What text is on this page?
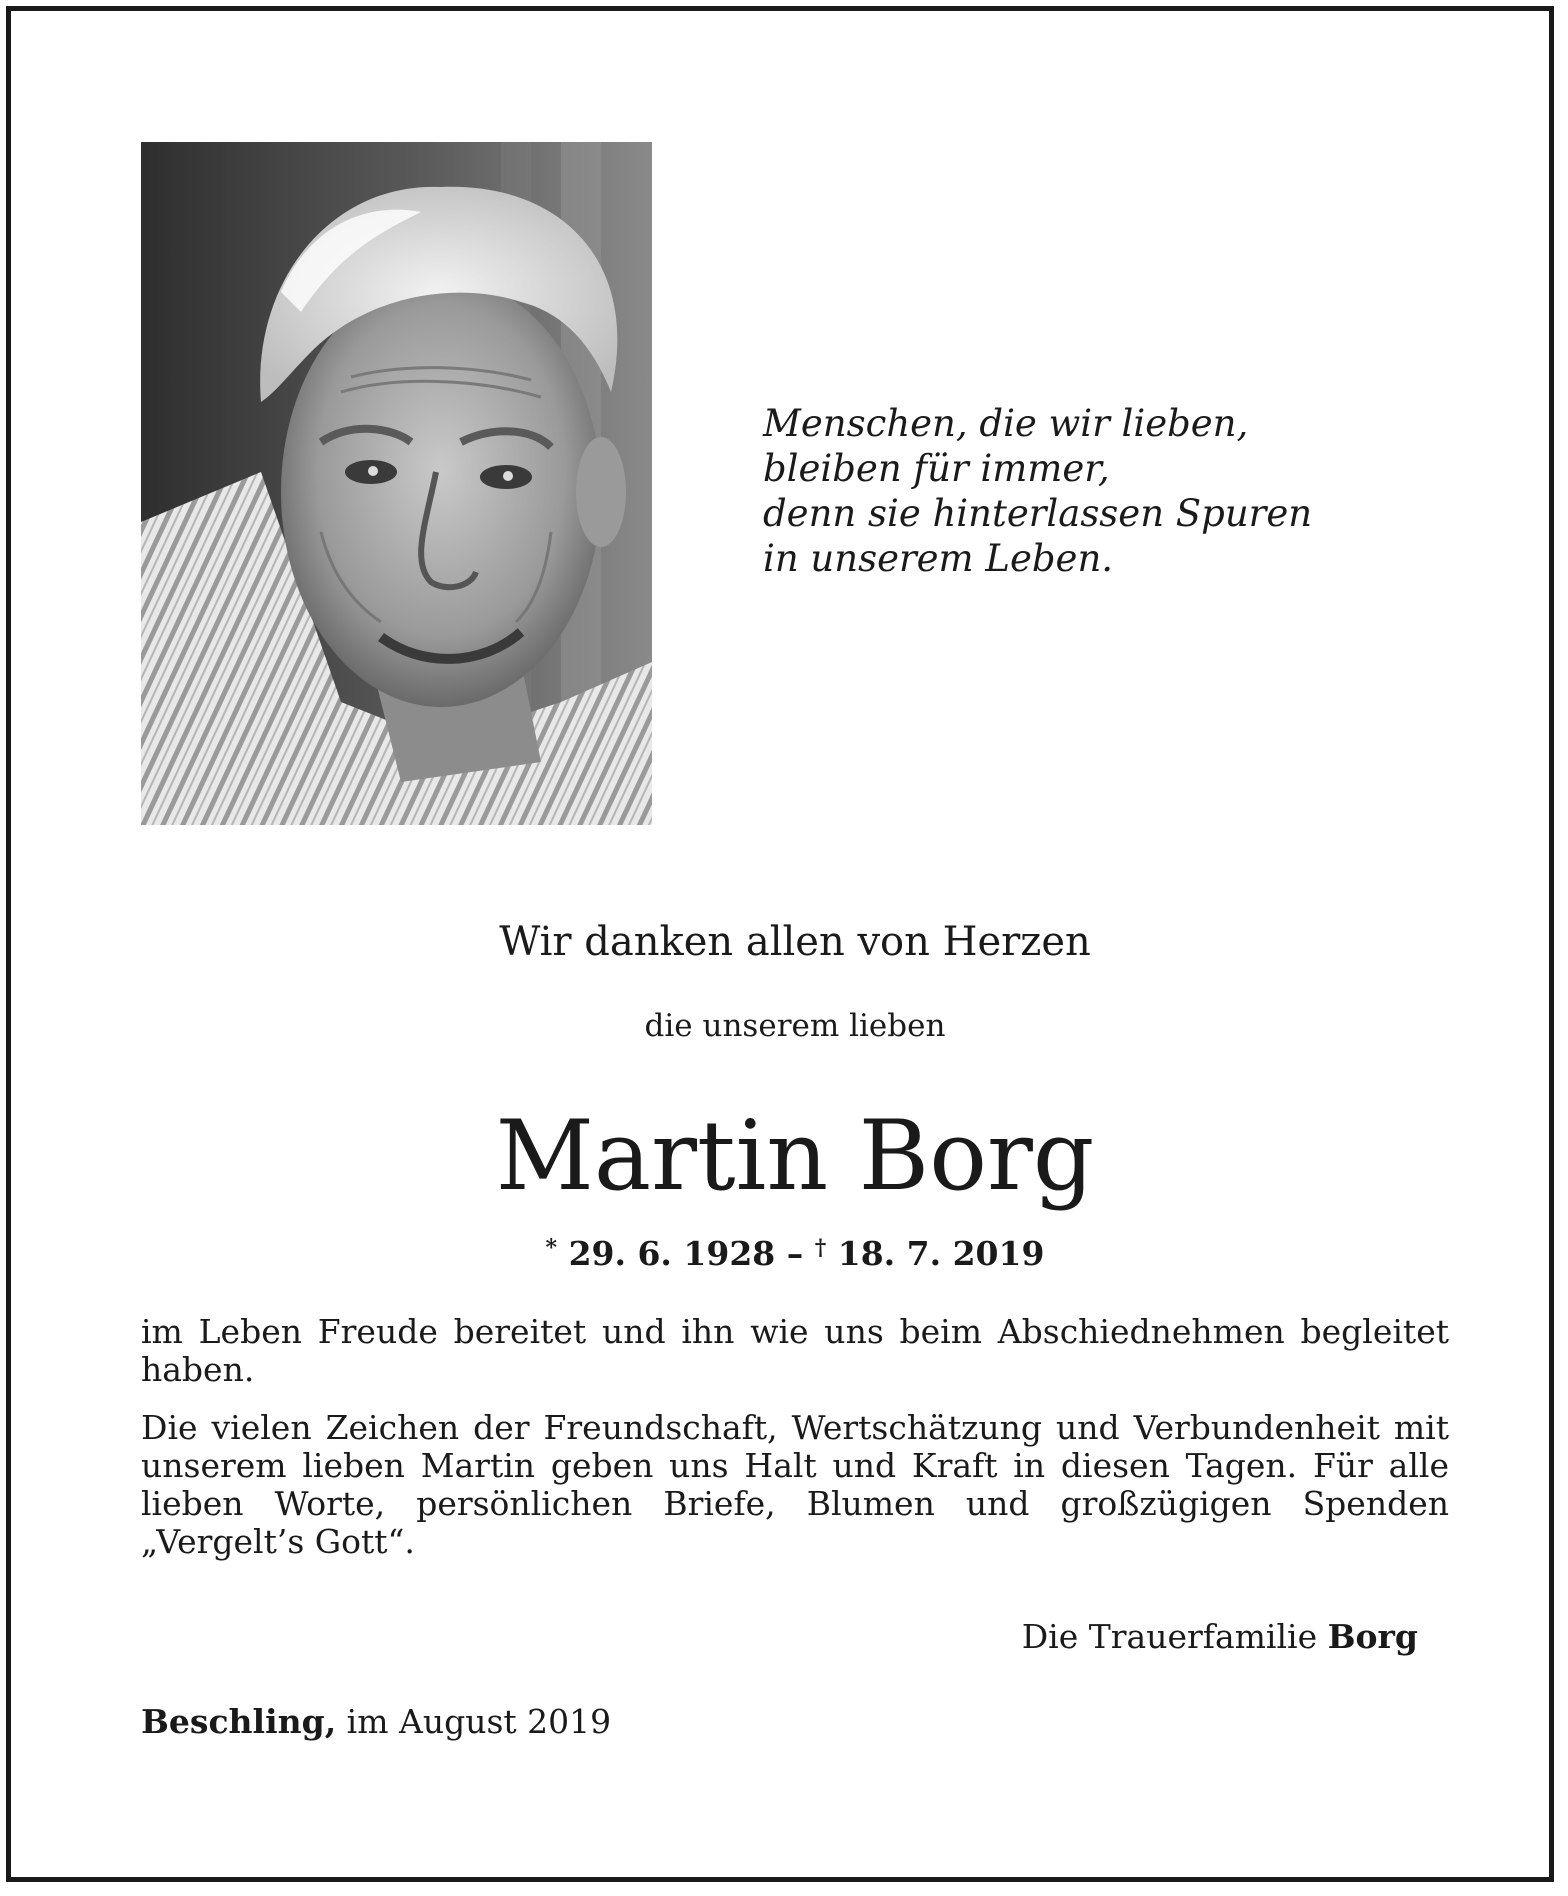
Menschen, die wir lieben,
bleiben für immer,
denn sie hinterlassen Spuren
in unserem Leben.
Wir danken allen von Herzen
die unserem lieben
Martin Borg
* 29. 6. 1928 – † 18. 7. 2019
im Leben Freude bereitet und ihn wie uns beim Abschiednehmen begleitet haben.
Die vielen Zeichen der Freundschaft, Wertschätzung und Verbundenheit mit unserem lieben Martin geben uns Halt und Kraft in diesen Tagen. Für alle lieben Worte, persönlichen Briefe, Blumen und großzügigen Spenden „Vergelt’s Gott“.
Die Trauerfamilie Borg
Beschling, im August 2019
